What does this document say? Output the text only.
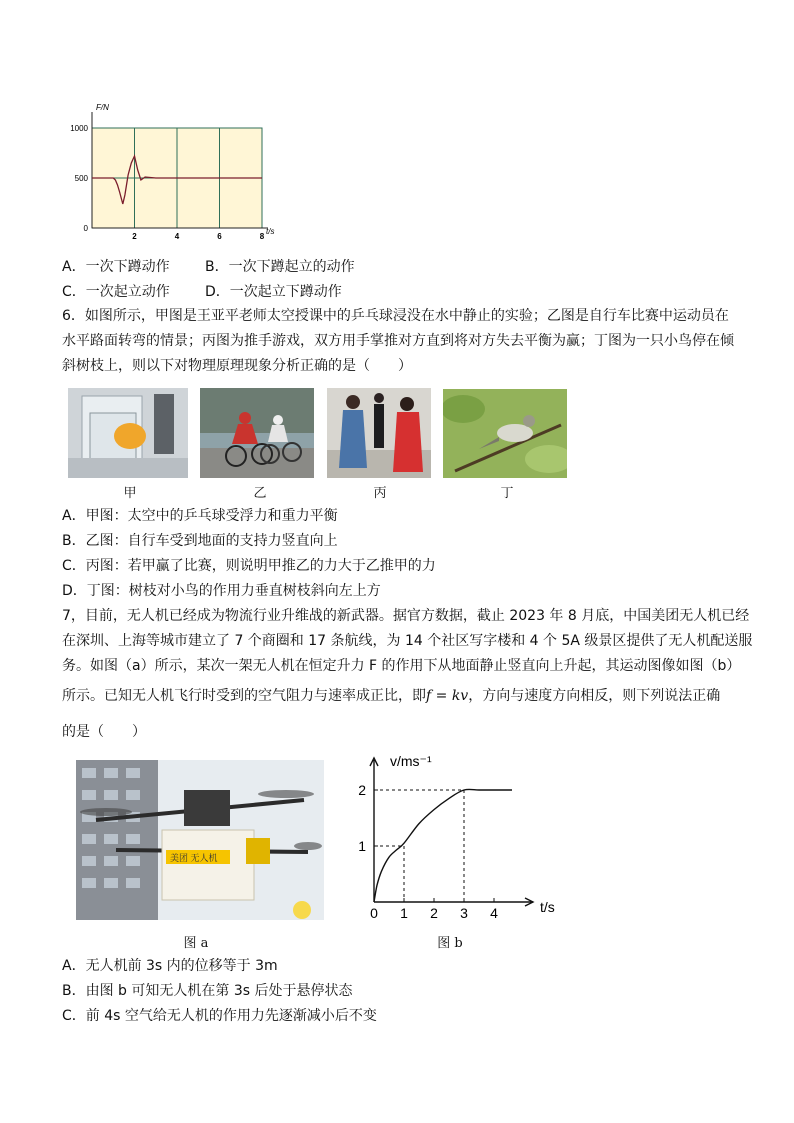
2	4	6	8
1000
500
0
F/N
t/s
A．一次下蹲动作	B．一次下蹲起立的动作
C．一次起立动作	D．一次起立下蹲动作
6．如图所示，甲图是王亚平老师太空授课中的乒乓球浸没在水中静止的实验；乙图是自行车比赛中运动员在
水平路面转弯的情景；丙图为推手游戏，双方用手掌推对方直到将对方失去平衡为赢；丁图为一只小鸟停在倾
斜树枝上，则以下对物理原理现象分析正确的是（　　）
甲	乙	丙	丁
A．甲图：太空中的乒乓球受浮力和重力平衡
B．乙图：自行车受到地面的支持力竖直向上
C．丙图：若甲赢了比赛，则说明甲推乙的力大于乙推甲的力
D．丁图：树枝对小鸟的作用力垂直树枝斜向左上方
7，目前，无人机已经成为物流行业升维战的新武器。据官方数据，截止 2023 年 8 月底，中国美团无人机已经
在深圳、上海等城市建立了 7 个商圈和 17 条航线，为 14 个社区写字楼和 4 个 5A 级景区提供了无人机配送服
务。如图（a）所示，某次一架无人机在恒定升力 F 的作用下从地面静止竖直向上升起，其运动图像如图（b）
所示。已知无人机飞行时受到的空气阻力与速率成正比，即f = kv，方向与速度方向相反，则下列说法正确
的是（　　）
美团 无人机
0 1 2 3 4
1
2
v/ms⁻¹
t/s
图 a	图 b
A．无人机前 3s 内的位移等于 3m
B．由图 b 可知无人机在第 3s 后处于悬停状态
C．前 4s 空气给无人机的作用力先逐渐减小后不变
